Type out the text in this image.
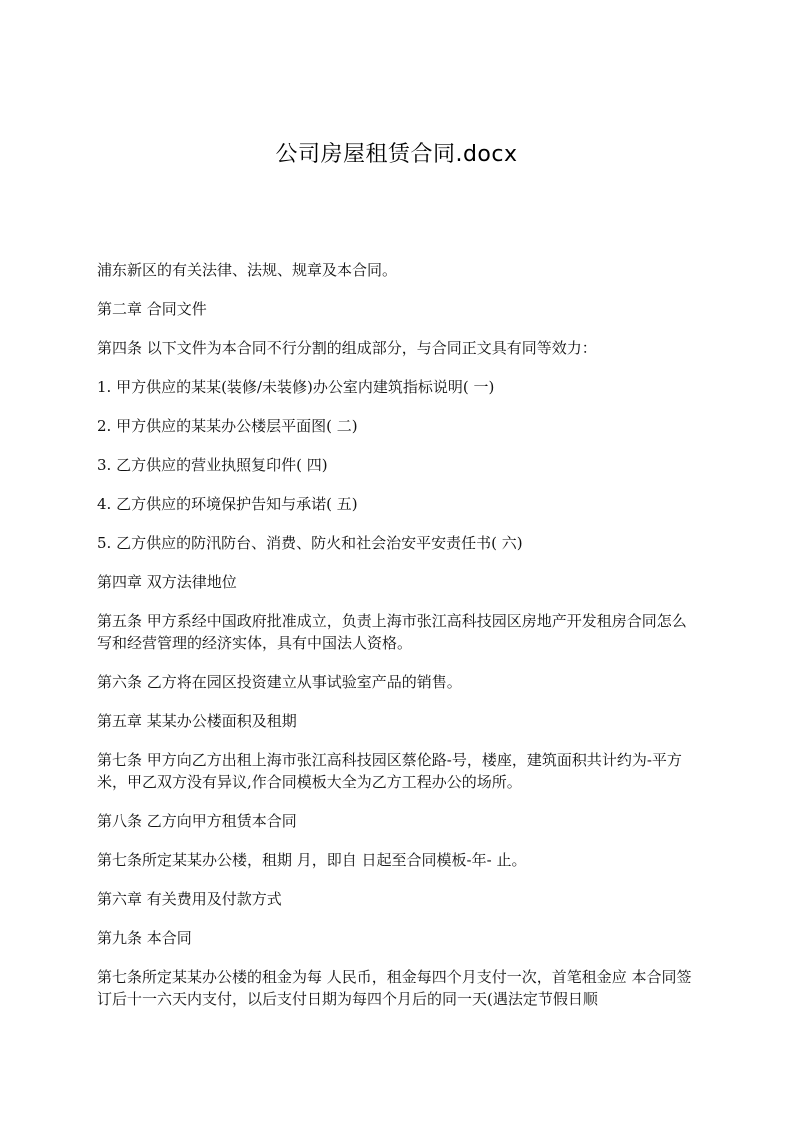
公司房屋租赁合同.docx

浦东新区的有关法律、法规、规章及本合同。

第二章 合同文件

第四条 以下文件为本合同不行分割的组成部分，与合同正文具有同等效力：

1. 甲方供应的某某(装修/未装修)办公室内建筑指标说明( 一)

2. 甲方供应的某某办公楼层平面图( 二)

3. 乙方供应的营业执照复印件( 四)

4. 乙方供应的环境保护告知与承诺( 五)

5. 乙方供应的防汛防台、消费、防火和社会治安平安责任书( 六)

第四章 双方法律地位

第五条 甲方系经中国政府批准成立，负责上海市张江高科技园区房地产开发租房合同怎么写和经营管理的经济实体，具有中国法人资格。

第六条 乙方将在园区投资建立从事试验室产品的销售。

第五章 某某办公楼面积及租期

第七条 甲方向乙方出租上海市张江高科技园区蔡伦路-号，楼座，建筑面积共计约为-平方米，甲乙双方没有异议,作合同模板大全为乙方工程办公的场所。

第八条 乙方向甲方租赁本合同

第七条所定某某办公楼，租期 月，即自 日起至合同模板-年- 止。

第六章 有关费用及付款方式

第九条 本合同

第七条所定某某办公楼的租金为每 人民币，租金每四个月支付一次，首笔租金应 本合同签订后十一六天内支付，以后支付日期为每四个月后的同一天(遇法定节假日顺
